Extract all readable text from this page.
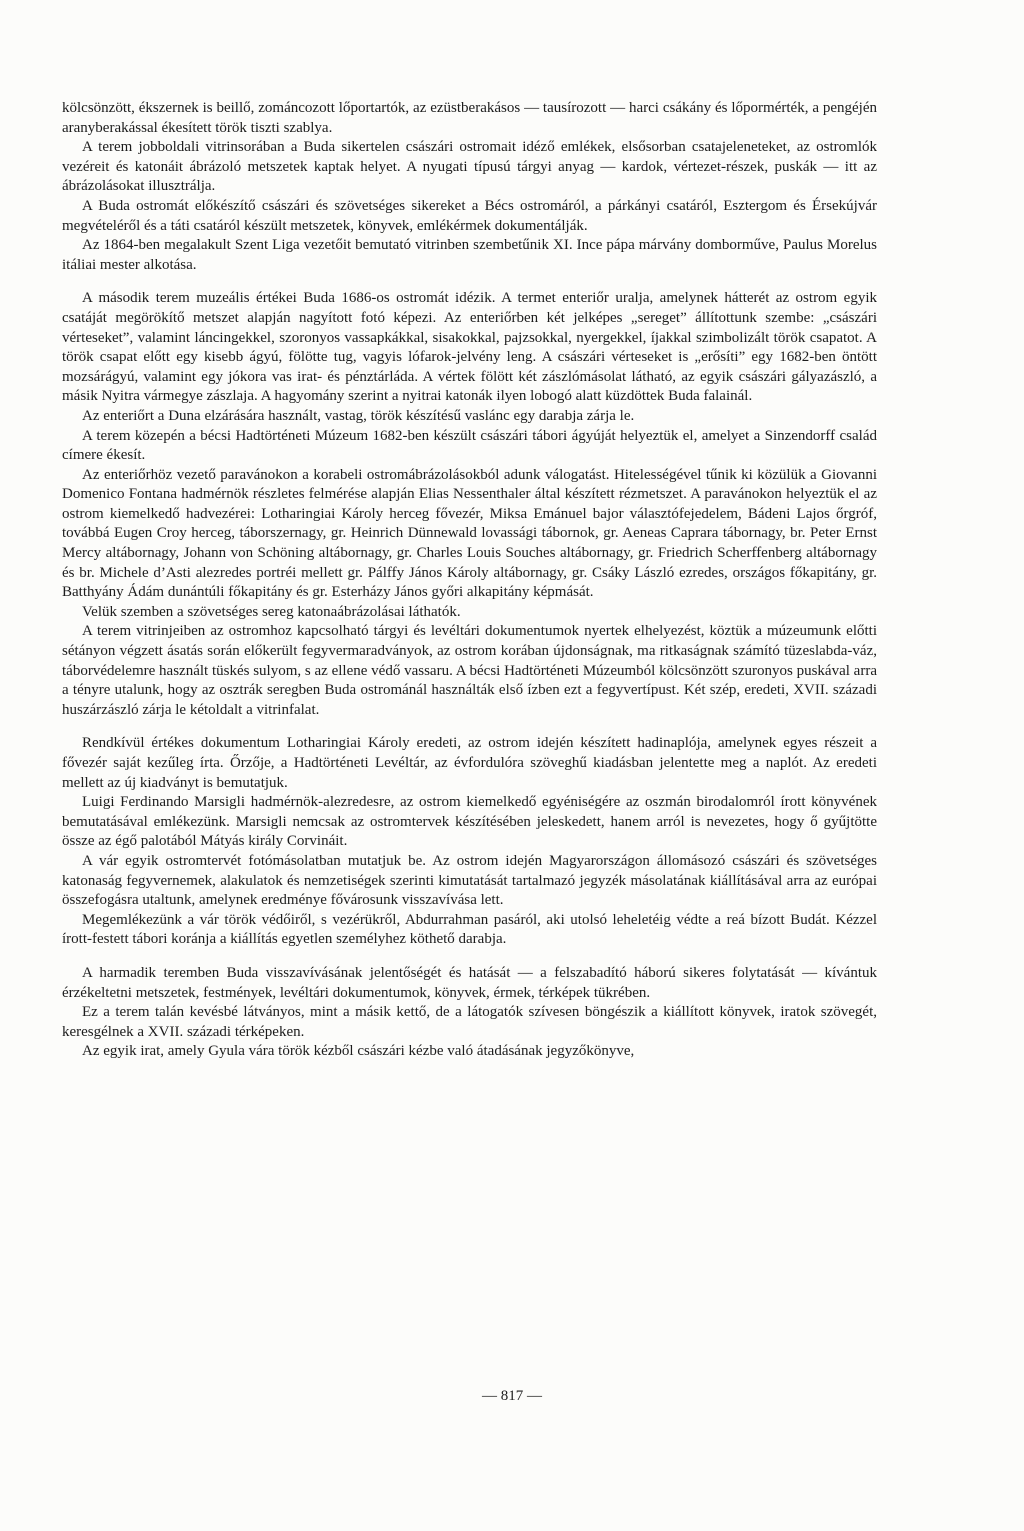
kölcsönzött, ékszernek is beillő, zománcozott lőportartók, az ezüstberakásos — tausírozott — harci csákány és lőpormérték, a pengéjén aranyberakással ékesített török tiszti szablya.

A terem jobboldali vitrinsorában a Buda sikertelen császári ostromait idéző emlékek, elsősorban csatajeleneteket, az ostromlók vezéreit és katonáit ábrázoló metszetek kaptak helyet. A nyugati típusú tárgyi anyag — kardok, vértezet-részek, puskák — itt az ábrázolásokat illusztrálja.

A Buda ostromát előkészítő császári és szövetséges sikereket a Bécs ostromáról, a párkányi csatáról, Esztergom és Érsekújvár megvételéről és a táti csatáról készült metszetek, könyvek, emlékérmek dokumentálják.

Az 1864-ben megalakult Szent Liga vezetőit bemutató vitrinben szembetűnik XI. Ince pápa márvány domborműve, Paulus Morelus itáliai mester alkotása.

A második terem muzeális értékei Buda 1686-os ostromát idézik. A termet enteriőr uralja, amelynek hátterét az ostrom egyik csatáját megörökítő metszet alapján nagyított fotó képezi. Az enteriőrben két jelképes „sereget” állítottunk szembe: „császári vérteseket”, valamint láncingekkel, szoronyos vassapkákkal, sisakokkal, pajzsokkal, nyergekkel, íjakkal szimbolizált török csapatot. A török csapat előtt egy kisebb ágyú, fölötte tug, vagyis lófarok-jelvény leng. A császári vérteseket is „erősíti” egy 1682-ben öntött mozsárágyú, valamint egy jókora vas irat- és pénztárláda. A vértek fölött két zászlómásolat látható, az egyik császári gályazászló, a másik Nyitra vármegye zászlaja. A hagyomány szerint a nyitrai katonák ilyen lobogó alatt küzdöttek Buda falainál.

Az enteriőrt a Duna elzárására használt, vastag, török készítésű vaslánc egy darabja zárja le.

A terem közepén a bécsi Hadtörténeti Múzeum 1682-ben készült császári tábori ágyúját helyeztük el, amelyet a Sinzendorff család címere ékesít.

Az enteriőrhöz vezető paravánokon a korabeli ostromábrázolásokból adunk válogatást. Hitelességével tűnik ki közülük a Giovanni Domenico Fontana hadmérnök részletes felmérése alapján Elias Nessenthaler által készített rézmetszet. A paravánokon helyeztük el az ostrom kiemelkedő hadvezérei: Lotharingiai Károly herceg fővezér, Miksa Emánuel bajor választófejedelem, Bádeni Lajos őrgróf, továbbá Eugen Croy herceg, táborszernagy, gr. Heinrich Dünnewald lovassági tábornok, gr. Aeneas Caprara tábornagy, br. Peter Ernst Mercy altábornagy, Johann von Schöning altábornagy, gr. Charles Louis Souches altábornagy, gr. Friedrich Scherffenberg altábornagy és br. Michele d’Asti alezredes portréi mellett gr. Pálffy János Károly altábornagy, gr. Csáky László ezredes, országos főkapitány, gr. Batthyány Ádám dunántúli főkapitány és gr. Esterházy János győri alkapitány képmását.

Velük szemben a szövetséges sereg katonaábrázolásai láthatók.

A terem vitrinjeiben az ostromhoz kapcsolható tárgyi és levéltári dokumentumok nyertek elhelyezést, köztük a múzeumunk előtti sétányon végzett ásatás során előkerült fegyvermaradványok, az ostrom korában újdonságnak, ma ritkaságnak számító tüzeslabda-váz, táborvédelemre használt tüskés sulyom, s az ellene védő vassaru. A bécsi Hadtörténeti Múzeumból kölcsönzött szuronyos puskával arra a tényre utalunk, hogy az osztrák seregben Buda ostrománál használták első ízben ezt a fegyvertípust. Két szép, eredeti, XVII. századi huszárzászló zárja le kétoldalt a vitrinfalat.

Rendkívül értékes dokumentum Lotharingiai Károly eredeti, az ostrom idején készített hadinaplója, amelynek egyes részeit a fővezér saját kezűleg írta. Őrzője, a Hadtörténeti Levéltár, az évfordulóra szöveghű kiadásban jelentette meg a naplót. Az eredeti mellett az új kiadványt is bemutatjuk.

Luigi Ferdinando Marsigli hadmérnök-alezredesre, az ostrom kiemelkedő egyéniségére az oszmán birodalomról írott könyvének bemutatásával emlékezünk. Marsigli nemcsak az ostromtervek készítésében jeleskedett, hanem arról is nevezetes, hogy ő gyűjtötte össze az égő palotából Mátyás király Corvináit.

A vár egyik ostromtervét fotómásolatban mutatjuk be. Az ostrom idején Magyarországon állomásozó császári és szövetséges katonaság fegyvernemek, alakulatok és nemzetiségek szerinti kimutatását tartalmazó jegyzék másolatának kiállításával arra az európai összefogásra utaltunk, amelynek eredménye fővárosunk visszavívása lett.

Megemlékezünk a vár török védőiről, s vezérükről, Abdurrahman pasáról, aki utolsó leheletéig védte a reá bízott Budát. Kézzel írott-festett tábori koránja a kiállítás egyetlen személyhez köthető darabja.

A harmadik teremben Buda visszavívásának jelentőségét és hatását — a felszabadító háború sikeres folytatását — kívántuk érzékeltetni metszetek, festmények, levéltári dokumentumok, könyvek, érmek, térképek tükrében.

Ez a terem talán kevésbé látványos, mint a másik kettő, de a látogatók szívesen böngészik a kiállított könyvek, iratok szövegét, keresgélnek a XVII. századi térképeken.

Az egyik irat, amely Gyula vára török kézből császári kézbe való átadásának jegyzőkönyve,

— 817 —
